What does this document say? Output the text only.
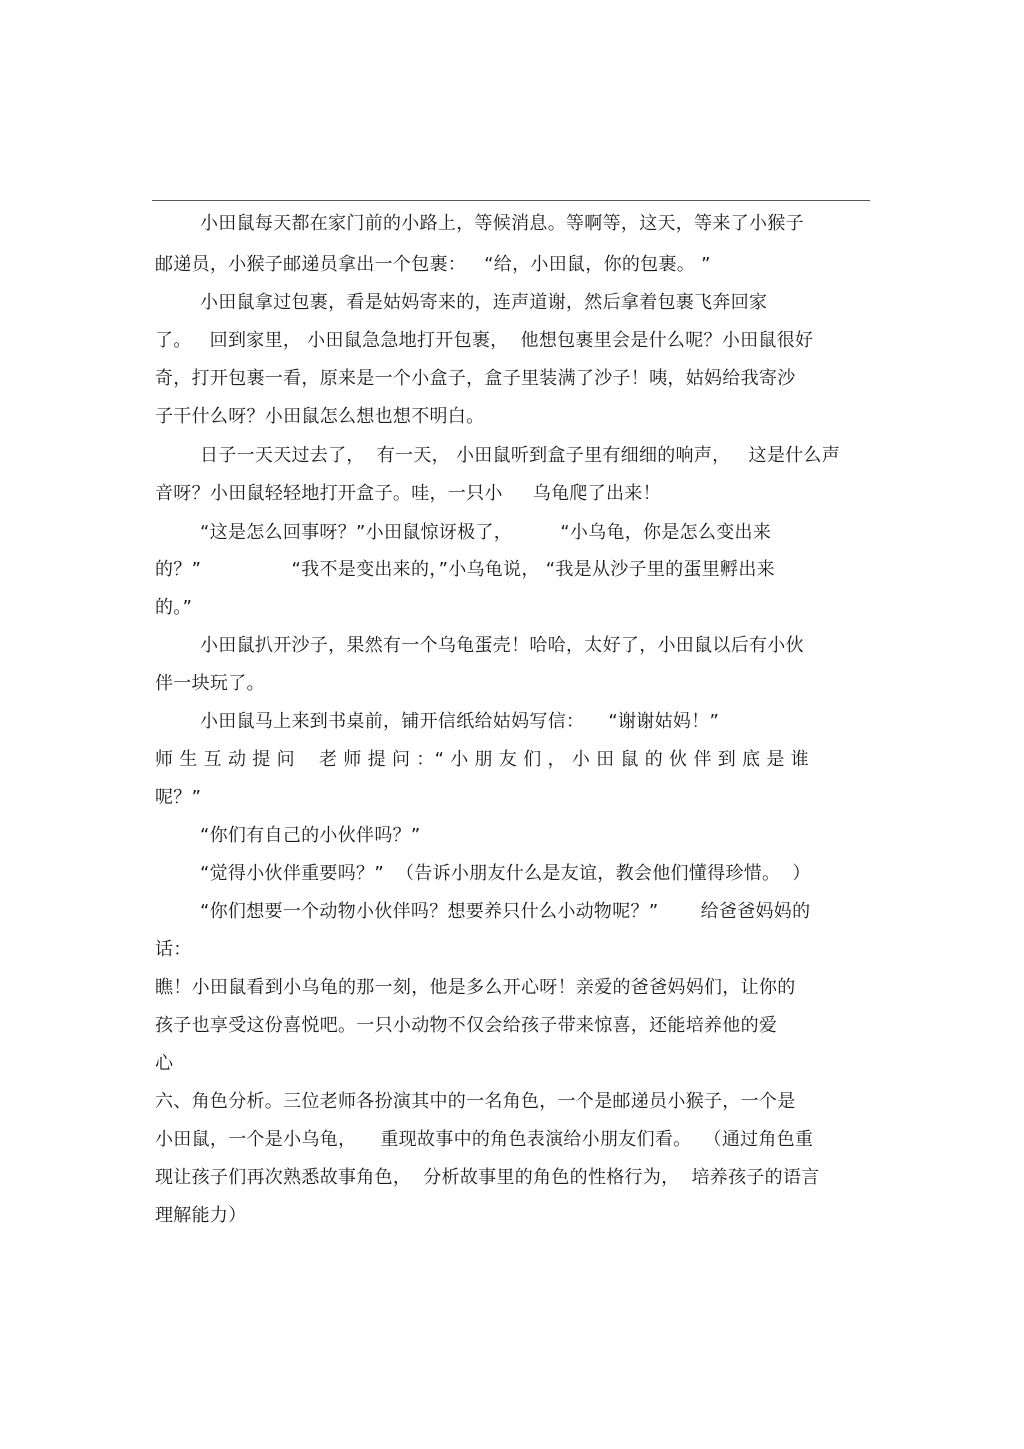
小田鼠每天都在家门前的小路上，等候消息。等啊等，这天，等来了小猴子
邮递员，小猴子邮递员拿出一个包裹：   “给，小田鼠，你的包裹。 ”
小田鼠拿过包裹，看是姑妈寄来的，连声道谢，然后拿着包裹飞奔回家
了。   回到家里， 小田鼠急急地打开包裹，  他想包裹里会是什么呢？小田鼠很好
奇，打开包裹一看，原来是一个小盒子，盒子里装满了沙子！咦，姑妈给我寄沙
子干什么呀？小田鼠怎么想也想不明白。
日子一天天过去了，  有一天， 小田鼠听到盒子里有细细的响声，   这是什么声
音呀？小田鼠轻轻地打开盒子。哇，一只小     乌龟爬了出来！
“这是怎么回事呀？”小田鼠惊讶极了，        “小乌龟，你是怎么变出来
的？”               “我不是变出来的，”小乌龟说， “我是从沙子里的蛋里孵出来
的。”
小田鼠扒开沙子，果然有一个乌龟蛋壳！哈哈，太好了，小田鼠以后有小伙
伴一块玩了。
小田鼠马上来到书桌前，铺开信纸给姑妈写信：    “谢谢姑妈！”
师 生 互 动 提 问    老 师 提 问 ：“ 小 朋 友 们 ， 小 田 鼠 的 伙 伴 到 底 是 谁
呢？”
“你们有自己的小伙伴吗？”
“觉得小伙伴重要吗？”  （告诉小朋友什么是友谊，教会他们懂得珍惜。  ）
“你们想要一个动物小伙伴吗？想要养只什么小动物呢？”       给爸爸妈妈的
话：
瞧！小田鼠看到小乌龟的那一刻，他是多么开心呀！亲爱的爸爸妈妈们，让你的
孩子也享受这份喜悦吧。一只小动物不仅会给孩子带来惊喜，还能培养他的爱
心
六、角色分析。三位老师各扮演其中的一名角色，一个是邮递员小猴子，一个是
小田鼠，一个是小乌龟，    重现故事中的角色表演给小朋友们看。  （通过角色重
现让孩子们再次熟悉故事角色，  分析故事里的角色的性格行为，  培养孩子的语言
理解能力）
